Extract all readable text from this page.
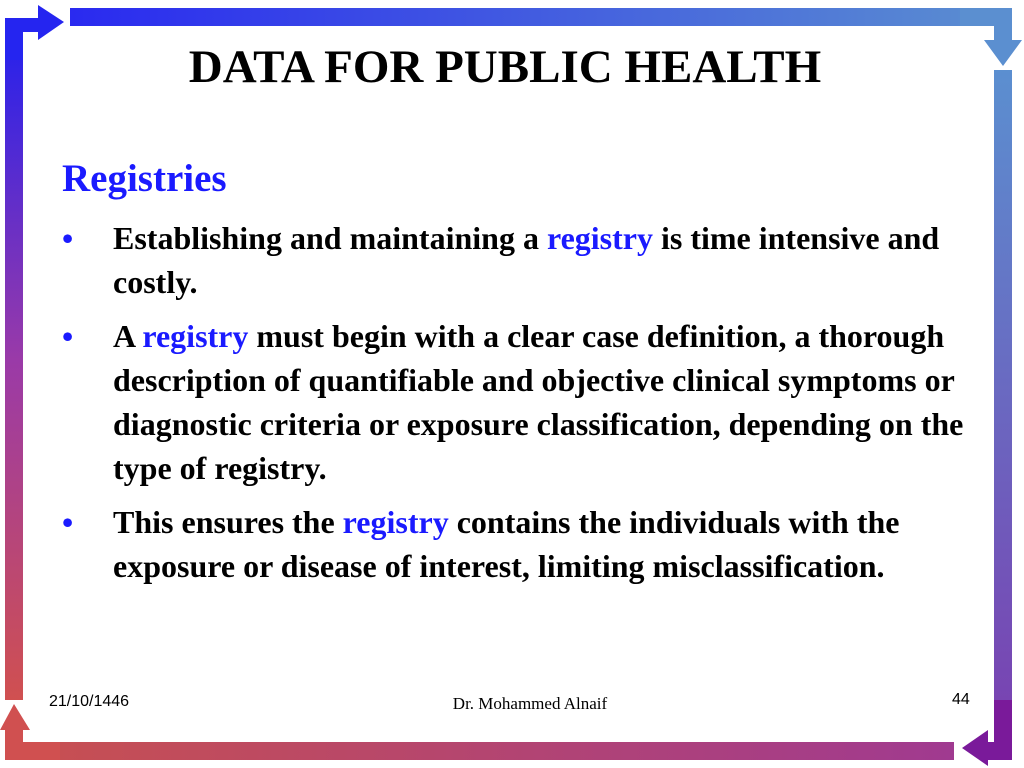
DATA FOR PUBLIC HEALTH
Registries
• Establishing and maintaining a registry is time intensive and costly.
• A registry must begin with a clear case definition, a thorough description of quantifiable and objective clinical symptoms or diagnostic criteria or exposure classification, depending on the type of registry.
• This ensures the registry contains the individuals with the exposure or disease of interest, limiting misclassification.
21/10/1446	Dr. Mohammed Alnaif	44
